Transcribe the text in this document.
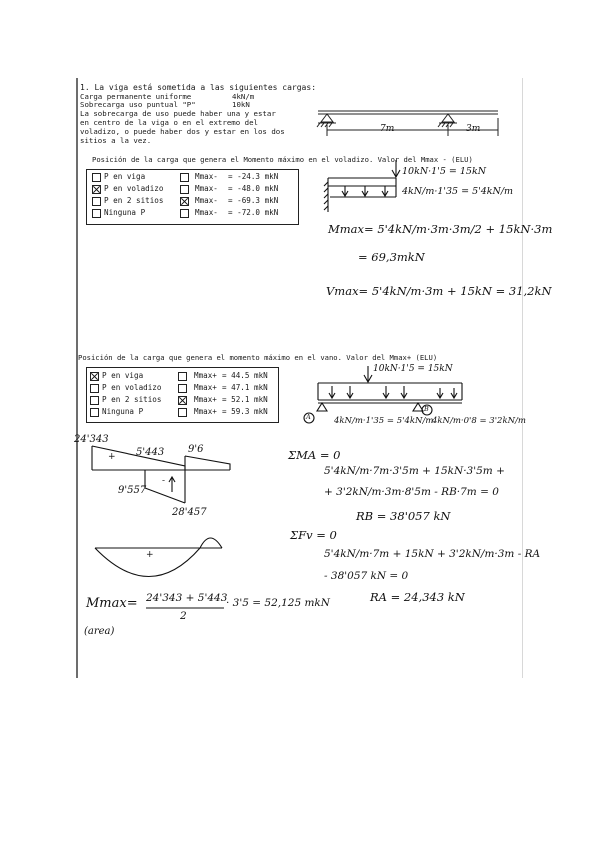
1. La viga está sometida a las siguientes cargas:
Carga permanente uniforme	4kN/m
Sobrecarga uso puntual "P"	10kN
La sobrecarga de uso puede haber una y estar
en centro de la viga o en el extremo del
voladizo, o puede haber dos y estar en los dos
sitios a la vez.
7m	3m
Posición de la carga que genera el Momento máximo en el voladizo. Valor del Mmax - (ELU)
P en viga	Mmax- = -24.3 mkN
P en voladizo	Mmax- = -48.0 mkN
P en 2 sitios	Mmax- = -69.3 mkN
Ninguna P	Mmax- = -72.0 mkN
10kN·1'5 = 15kN
4kN/m·1'35 = 5'4kN/m
Mmax= 5'4kN/m·3m·3m/2 + 15kN·3m
= 69,3mkN
Vmax= 5'4kN/m·3m + 15kN = 31,2kN
Posición de la carga que genera el momento máximo en el vano. Valor del Mmax+ (ELU)
P en viga	Mmax+ = 44.5 mkN
P en voladizo	Mmax+ = 47.1 mkN
P en 2 sitios	Mmax+ = 52.1 mkN
Ninguna P	Mmax+ = 59.3 mkN
10kN·1'5 = 15kN
A
B
4kN/m·1'35 = 5'4kN/m
4kN/m·0'8 = 3'2kN/m
24'343
5'443 9'6
9'557
28'457
+
-
+
ΣMA = 0
5'4kN/m·7m·3'5m + 15kN·3'5m +
+ 3'2kN/m·3m·8'5m - RB·7m = 0
RB = 38'057 kN
ΣFv = 0
5'4kN/m·7m + 15kN + 3'2kN/m·3m - RA
- 38'057 kN = 0
RA = 24,343 kN
Mmax= 24'343 + 5'443
2
· 3'5 = 52,125 mkN
(area)
